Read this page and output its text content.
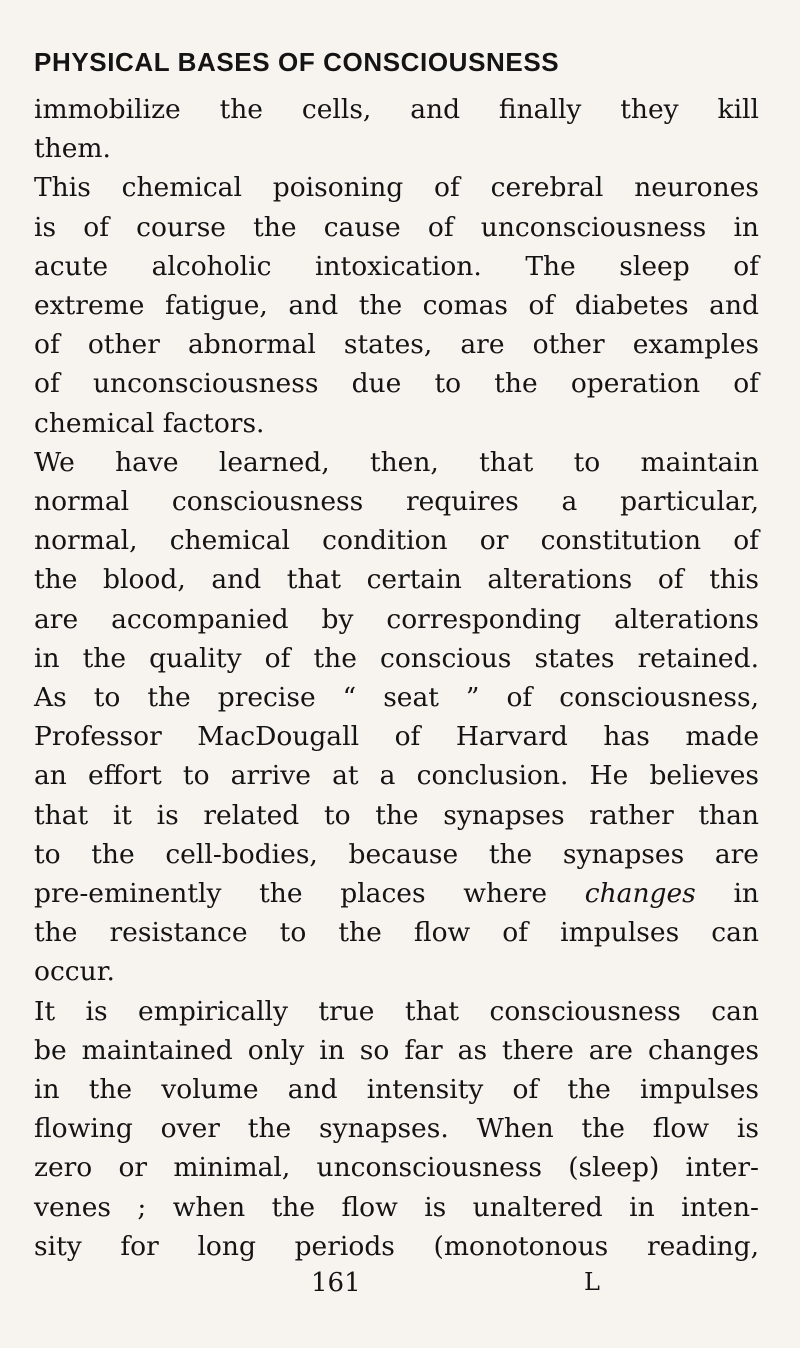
PHYSICAL BASES OF CONSCIOUSNESS
immobilize the cells, and finally they kill
them.
This chemical poisoning of cerebral neurones
is of course the cause of unconsciousness in
acute alcoholic intoxication. The sleep of
extreme fatigue, and the comas of diabetes and
of other abnormal states, are other examples
of unconsciousness due to the operation of
chemical factors.
We have learned, then, that to maintain
normal consciousness requires a particular,
normal, chemical condition or constitution of
the blood, and that certain alterations of this
are accompanied by corresponding alterations
in the quality of the conscious states retained.
As to the precise “ seat ” of consciousness,
Professor MacDougall of Harvard has made
an effort to arrive at a conclusion. He believes
that it is related to the synapses rather than
to the cell-bodies, because the synapses are
pre-eminently the places where changes in
the resistance to the flow of impulses can
occur.
It is empirically true that consciousness can
be maintained only in so far as there are changes
in the volume and intensity of the impulses
flowing over the synapses. When the flow is
zero or minimal, unconsciousness (sleep) inter-
venes ; when the flow is unaltered in inten-
sity for long periods (monotonous reading,
161	L
